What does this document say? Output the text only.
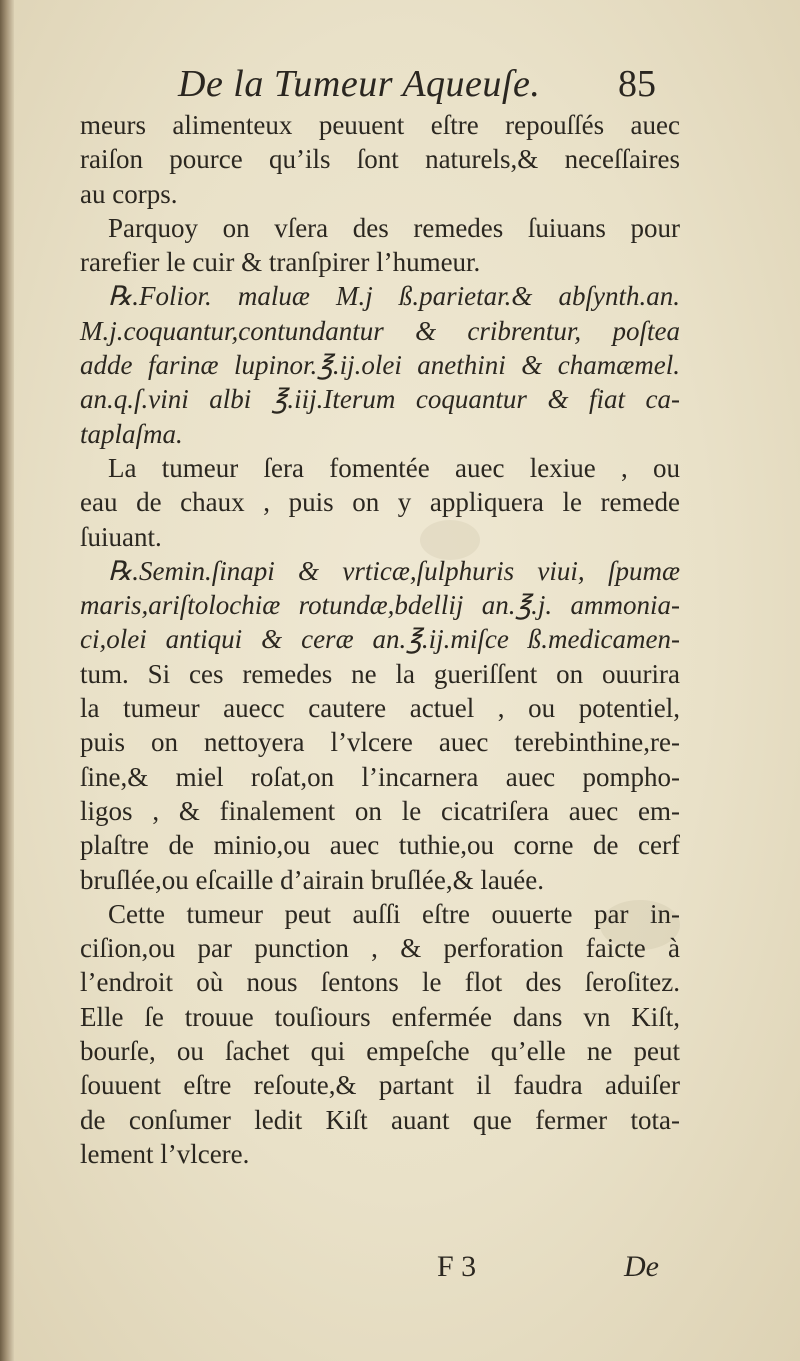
De la Tumeur Aqueuſe. 85
meurs alimenteux peuuent eſtre repouſſés auec
raiſon pource qu’ils ſont naturels,& neceſſaires
au corps.
Parquoy on vſera des remedes ſuiuans pour
rarefier le cuir & tranſpirer l’humeur.
℞.Folior. maluæ M.j ß.parietar.& abſynth.an.
M.j.coquantur,contundantur & cribrentur, poſtea
adde farinæ lupinor.℥.ij.olei anethini & chamæmel.
an.q.ſ.vini albi ℥.iij.Iterum coquantur & fiat ca-
taplaſma.
La tumeur ſera fomentée auec lexiue , ou
eau de chaux , puis on y appliquera le remede
ſuiuant.
℞.Semin.ſinapi & vrticæ,ſulphuris viui, ſpumæ
maris,ariſtolochiæ rotundæ,bdellij an.℥.j. ammonia-
ci,olei antiqui & ceræ an.℥.ij.miſce ß.medicamen-
tum. Si ces remedes ne la gueriſſent on ouurira
la tumeur auecc cautere actuel , ou potentiel,
puis on nettoyera l’vlcere auec terebinthine,re-
ſine,& miel roſat,on l’incarnera auec pompho-
ligos , & finalement on le cicatriſera auec em-
plaſtre de minio,ou auec tuthie,ou corne de cerf
bruſlée,ou eſcaille d’airain bruſlée,& lauée.
Cette tumeur peut auſſi eſtre ouuerte par in-
ciſion,ou par punction , & perforation faicte à
l’endroit où nous ſentons le flot des ſeroſitez.
Elle ſe trouue touſiours enfermée dans vn Kiſt,
bourſe, ou ſachet qui empeſche qu’elle ne peut
ſouuent eſtre reſoute,& partant il faudra aduiſer
de conſumer ledit Kiſt auant que fermer tota-
lement l’vlcere.
F 3	De
